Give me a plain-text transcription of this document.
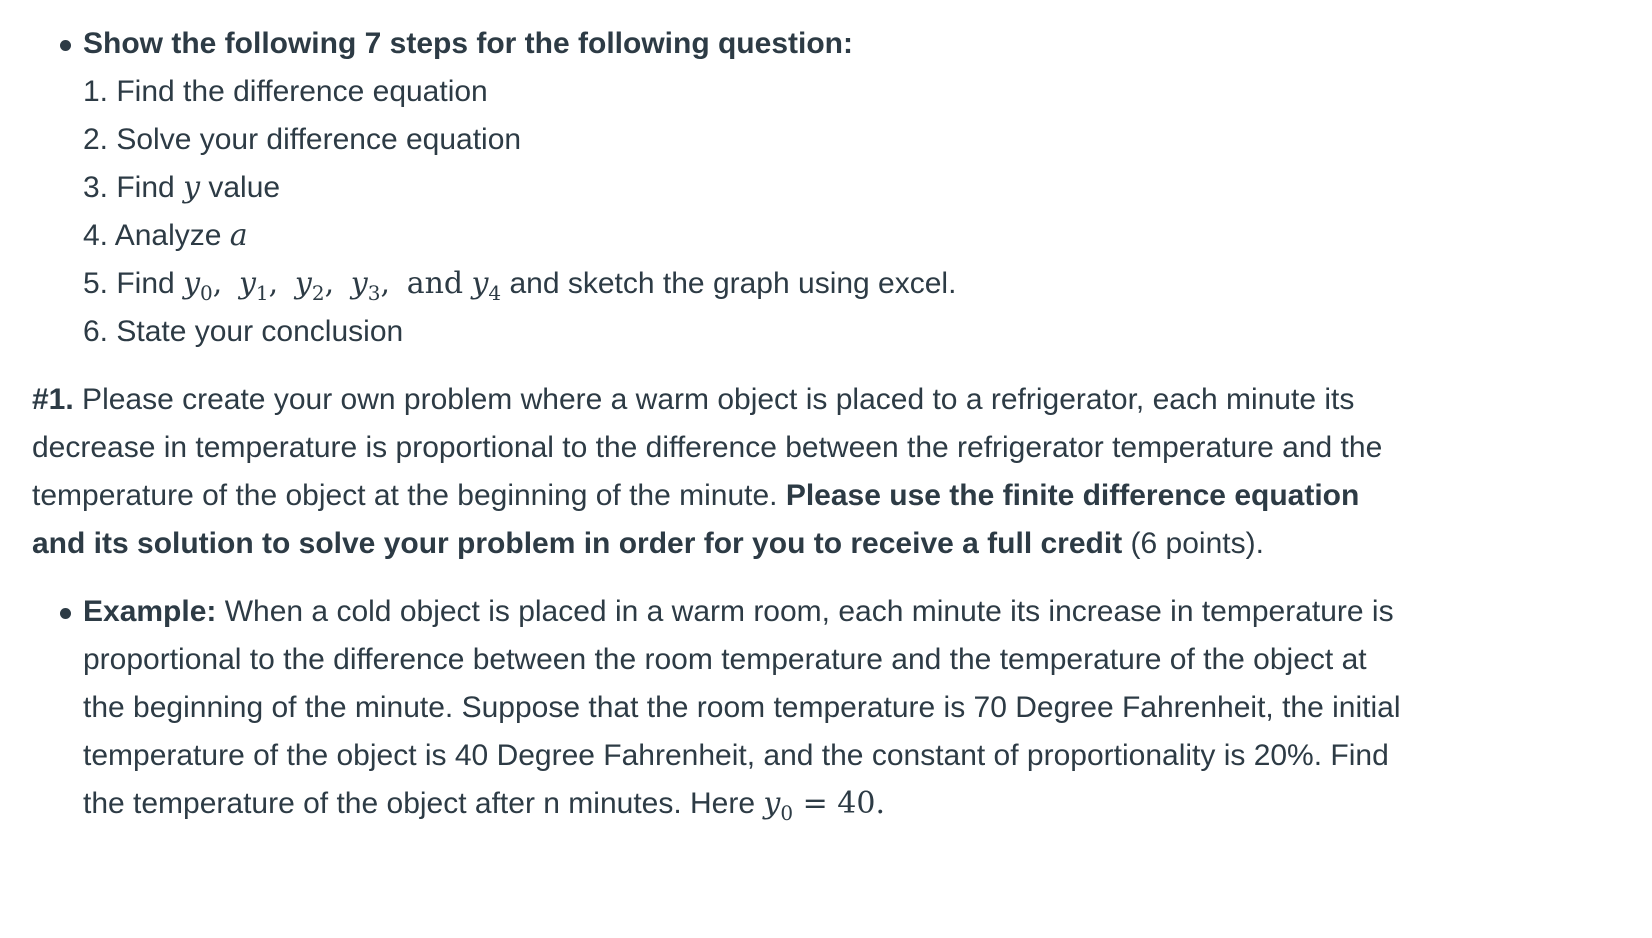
Show the following 7 steps for the following question:

1. Find the difference equation
2. Solve your difference equation
3. Find y value
4. Analyze a
5. Find $y_0$, $y_1$, $y_2$, $y_3$, and $y_4$ and sketch the graph using excel.
6. State your conclusion

#1. Please create your own problem where a warm object is placed to a refrigerator, each minute its decrease in temperature is proportional to the difference between the refrigerator temperature and the temperature of the object at the beginning of the minute. Please use the finite difference equation and its solution to solve your problem in order for you to receive a full credit (6 points).

Example: When a cold object is placed in a warm room, each minute its increase in temperature is proportional to the difference between the room temperature and the temperature of the object at the beginning of the minute. Suppose that the room temperature is 70 Degree Fahrenheit, the initial temperature of the object is 40 Degree Fahrenheit, and the constant of proportionality is 20%. Find the temperature of the object after n minutes. Here $y_0 = 40$.
